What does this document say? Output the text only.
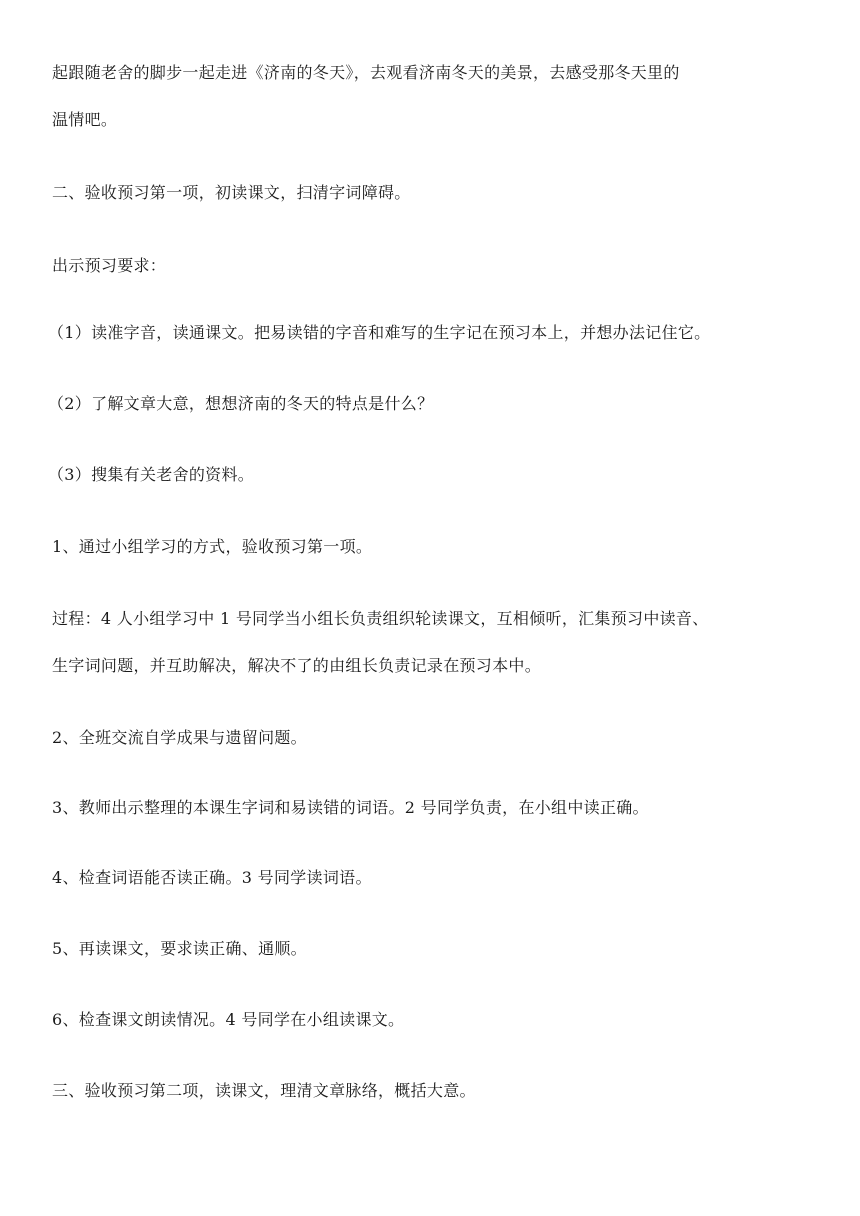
起跟随老舍的脚步一起走进《济南的冬天》，去观看济南冬天的美景，去感受那冬天里的
温情吧。
二、验收预习第一项，初读课文，扫清字词障碍。
出示预习要求：
（1）读准字音，读通课文。把易读错的字音和难写的生字记在预习本上，并想办法记住它。
（2）了解文章大意，想想济南的冬天的特点是什么？
（3）搜集有关老舍的资料。
1、通过小组学习的方式，验收预习第一项。
过程：4 人小组学习中 1 号同学当小组长负责组织轮读课文，互相倾听，汇集预习中读音、
生字词问题，并互助解决，解决不了的由组长负责记录在预习本中。
2、全班交流自学成果与遗留问题。
3、教师出示整理的本课生字词和易读错的词语。2 号同学负责，在小组中读正确。
4、检查词语能否读正确。3 号同学读词语。
5、再读课文，要求读正确、通顺。
6、检查课文朗读情况。4 号同学在小组读课文。
三、验收预习第二项，读课文，理清文章脉络，概括大意。
